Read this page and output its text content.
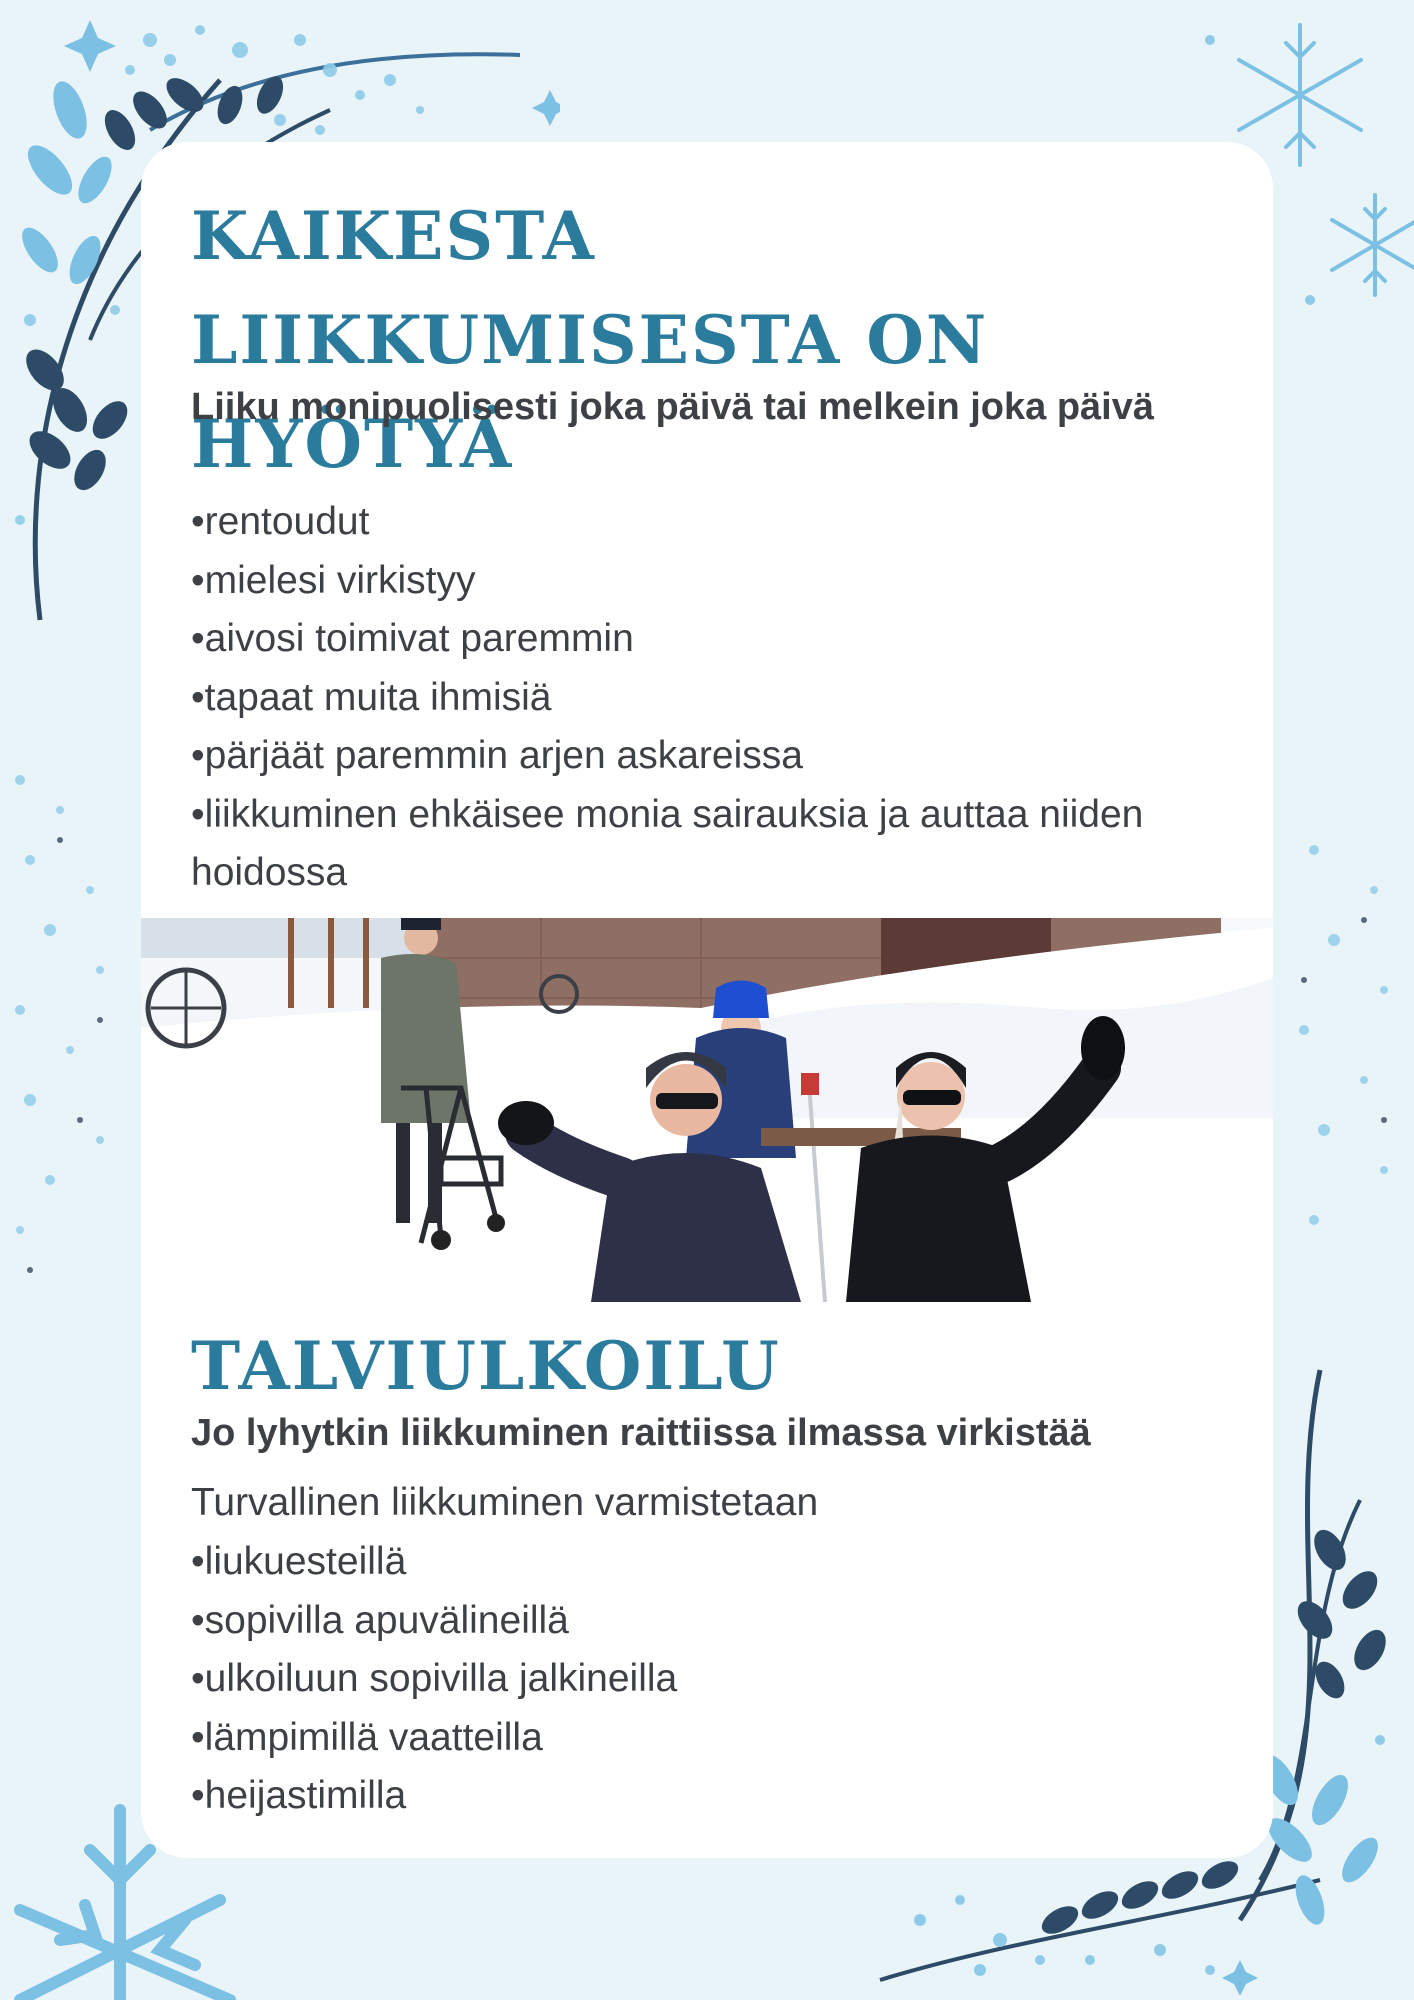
KAIKESTA LIIKKUMISESTA ON HYÖTYÄ

Liiku monipuolisesti joka päivä tai melkein joka päivä

• rentoudut
• mielesi virkistyy
• aivosi toimivat paremmin
• tapaat muita ihmisiä
• pärjäät paremmin arjen askareissa
• liikkuminen ehkäisee monia sairauksia ja auttaa niiden hoidossa
TALVIULKOILU

Jo lyhytkin liikkuminen raittiissa ilmassa virkistää

Turvallinen liikkuminen varmistetaan

• liukuesteillä
• sopivilla apuvälineillä
• ulkoiluun sopivilla jalkineilla
• lämpimillä vaatteilla
• heijastimilla
